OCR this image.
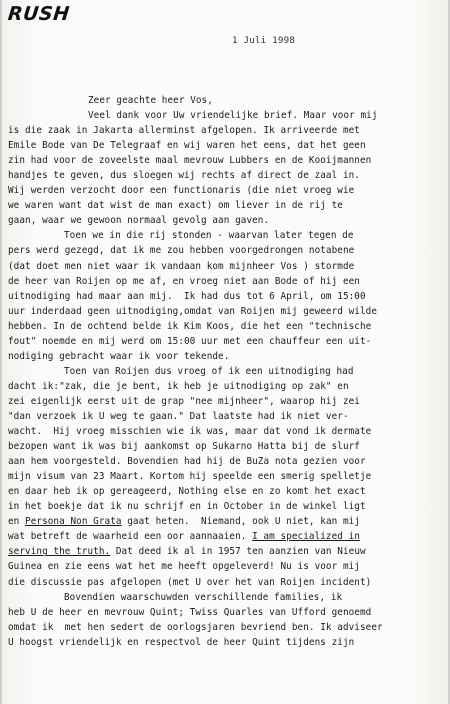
RUSH
1 Juli 1998
Zeer geachte heer Vos,
Veel dank voor Uw vriendelijke brief. Maar voor mij
is die zaak in Jakarta allerminst afgelopen. Ik arriveerde met
Emile Bode van De Telegraaf en wij waren het eens, dat het geen
zin had voor de zoveelste maal mevrouw Lubbers en de Kooijmannen
handjes te geven, dus sloegen wij rechts af direct de zaal in.
Wij werden verzocht door een functionaris (die niet vroeg wie
we waren want dat wist de man exact) om liever in de rij te
gaan, waar we gewoon normaal gevolg aan gaven.
Toen we in die rij stonden - waarvan later tegen de
pers werd gezegd, dat ik me zou hebben voorgedrongen notabene
(dat doet men niet waar ik vandaan kom mijnheer Vos ) stormde
de heer van Roijen op me af, en vroeg niet aan Bode of hij een
uitnodiging had maar aan mij.  Ik had dus tot 6 April, om 15:00
uur inderdaad geen uitnodiging,omdat van Roijen mij geweerd wilde
hebben. In de ochtend belde ik Kim Koos, die het een "technische
fout" noemde en mij werd om 15:00 uur met een chauffeur een uit-
nodiging gebracht waar ik voor tekende.
Toen van Roijen dus vroeg of ik een uitnodiging had
dacht ik:"zak, die je bent, ik heb je uitnodiging op zak" en
zei eigenlijk eerst uit de grap "nee mijnheer", waarop hij zei
"dan verzoek ik U weg te gaan." Dat laatste had ik niet ver-
wacht.  Hij vroeg misschien wie ik was, maar dat vond ik dermate
bezopen want ik was bij aankomst op Sukarno Hatta bij de slurf
aan hem voorgesteld. Bovendien had hij de BuZa nota gezien voor
mijn visum van 23 Maart. Kortom hij speelde een smerig spelletje
en daar heb ik op gereageerd, Nothing else en zo komt het exact
in het boekje dat ik nu schrijf en in October in de winkel ligt
en Persona Non Grata gaat heten.  Niemand, ook U niet, kan mij
wat betreft de waarheid een oor aannaaien. I am specialized in
serving the truth. Dat deed ik al in 1957 ten aanzien van Nieuw
Guinea en zie eens wat het me heeft opgeleverd! Nu is voor mij
die discussie pas afgelopen (met U over het van Roijen incident)
Bovendien waarschuwden verschillende families, ik
heb U de heer en mevrouw Quint; Twiss Quarles van Ufford genoemd
omdat ik  met hen sedert de oorlogsjaren bevriend ben. Ik adviseer
U hoogst vriendelijk en respectvol de heer Quint tijdens zijn
